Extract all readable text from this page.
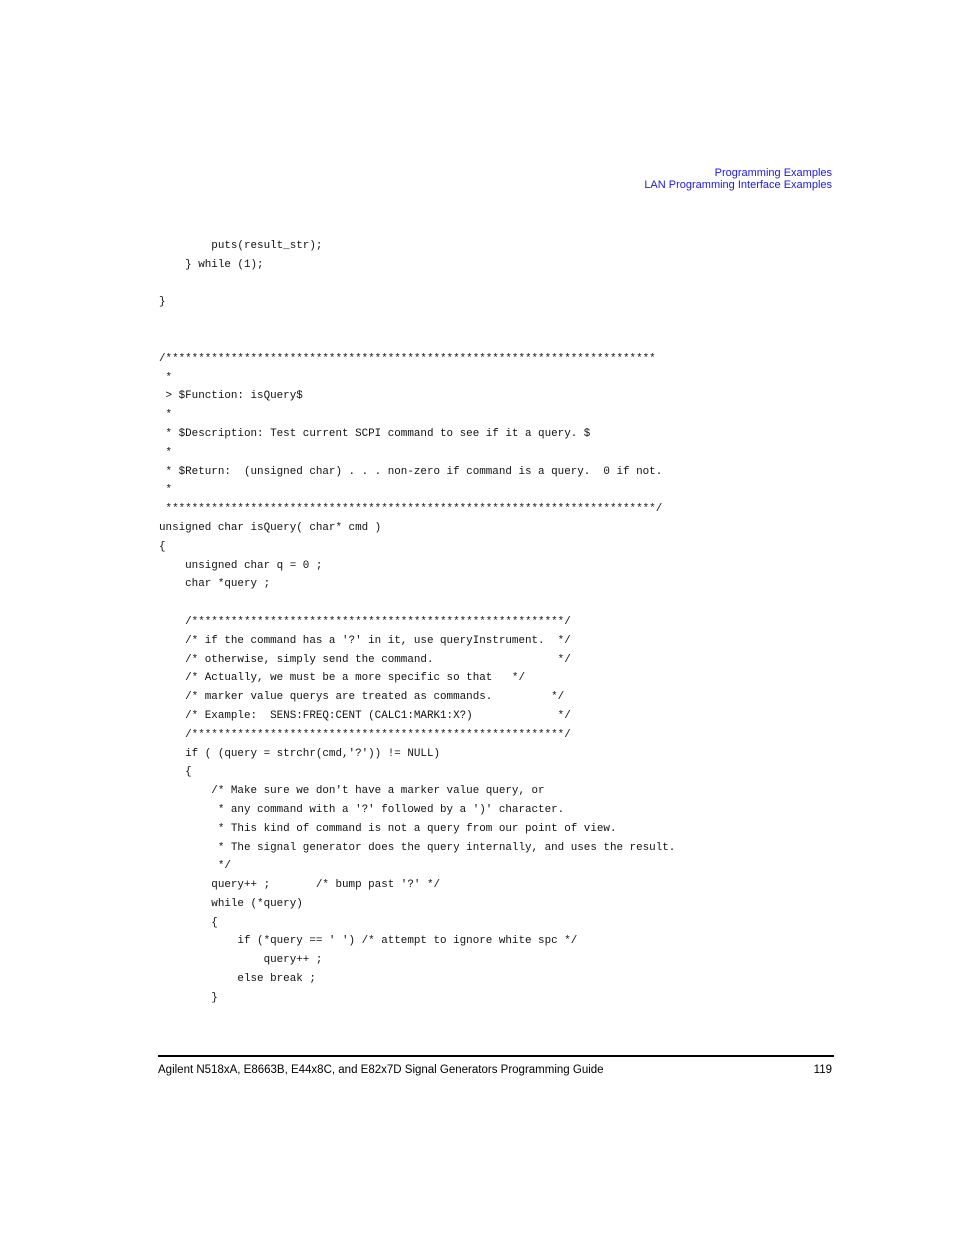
Programming Examples
LAN Programming Interface Examples
puts(result_str);
} while (1);
}
/***************************************************************************
*
> $Function: isQuery$
*
* $Description: Test current SCPI command to see if it a query. $
*
* $Return:  (unsigned char) . . . non-zero if command is a query.  0 if not.
*
***************************************************************************/
unsigned char isQuery( char* cmd )
{
unsigned char q = 0 ;
char *query ;
/*********************************************************/
/* if the command has a '?' in it, use queryInstrument.  */
/* otherwise, simply send the command.                   */
/* Actually, we must be a more specific so that   */
/* marker value querys are treated as commands.         */
/* Example:  SENS:FREQ:CENT (CALC1:MARK1:X?)             */
/*********************************************************/
if ( (query = strchr(cmd,'?')) != NULL)
{
/* Make sure we don't have a marker value query, or
* any command with a '?' followed by a ')' character.
* This kind of command is not a query from our point of view.
* The signal generator does the query internally, and uses the result.
*/
query++ ;       /* bump past '?' */
while (*query)
{
if (*query == ' ') /* attempt to ignore white spc */
query++ ;
else break ;
}
Agilent N518xA, E8663B, E44x8C, and E82x7D Signal Generators Programming Guide	119
